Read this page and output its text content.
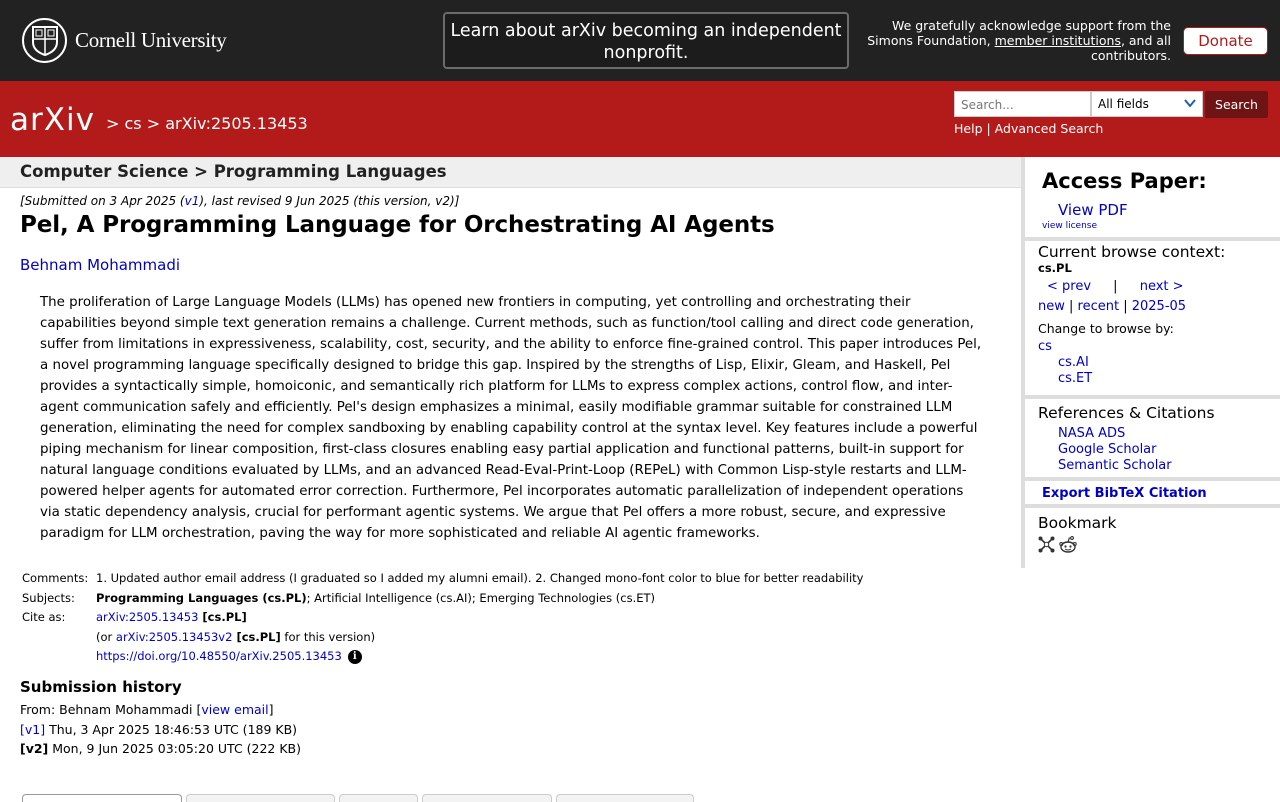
Cornell University	Learn about arXiv becoming an independent nonprofit.
We gratefully acknowledge support from the Simons Foundation, member institutions, and all contributors.
Donate
arXiv > cs > arXiv:2505.13453
Search...	All fields	Search
Help | Advanced Search
Computer Science > Programming Languages
[Submitted on 3 Apr 2025 (v1), last revised 9 Jun 2025 (this version, v2)]
Pel, A Programming Language for Orchestrating AI Agents
Behnam Mohammadi
The proliferation of Large Language Models (LLMs) has opened new frontiers in computing, yet controlling and orchestrating their capabilities beyond simple text generation remains a challenge. Current methods, such as function/tool calling and direct code generation, suffer from limitations in expressiveness, scalability, cost, security, and the ability to enforce fine-grained control. This paper introduces Pel, a novel programming language specifically designed to bridge this gap. Inspired by the strengths of Lisp, Elixir, Gleam, and Haskell, Pel provides a syntactically simple, homoiconic, and semantically rich platform for LLMs to express complex actions, control flow, and inter-agent communication safely and efficiently. Pel's design emphasizes a minimal, easily modifiable grammar suitable for constrained LLM generation, eliminating the need for complex sandboxing by enabling capability control at the syntax level. Key features include a powerful piping mechanism for linear composition, first-class closures enabling easy partial application and functional patterns, built-in support for natural language conditions evaluated by LLMs, and an advanced Read-Eval-Print-Loop (REPeL) with Common Lisp-style restarts and LLM-powered helper agents for automated error correction. Furthermore, Pel incorporates automatic parallelization of independent operations via static dependency analysis, crucial for performant agentic systems. We argue that Pel offers a more robust, secure, and expressive paradigm for LLM orchestration, paving the way for more sophisticated and reliable AI agentic frameworks.
Comments: 1. Updated author email address (I graduated so I added my alumni email). 2. Changed mono-font color to blue for better readability
Subjects:	Programming Languages (cs.PL); Artificial Intelligence (cs.AI); Emerging Technologies (cs.ET)
Cite as:	arXiv:2505.13453 [cs.PL]
(or arXiv:2505.13453v2 [cs.PL] for this version)
https://doi.org/10.48550/arXiv.2505.13453 i
Submission history
From: Behnam Mohammadi [view email]
[v1] Thu, 3 Apr 2025 18:46:53 UTC (189 KB)
[v2] Mon, 9 Jun 2025 03:05:20 UTC (222 KB)
Access Paper:
View PDF
view license
Current browse context:
cs.PL
< prev | next >
new | recent | 2025-05
Change to browse by:
cs
cs.AI
cs.ET
References & Citations
NASA ADS
Google Scholar
Semantic Scholar
Export BibTeX Citation
Bookmark
